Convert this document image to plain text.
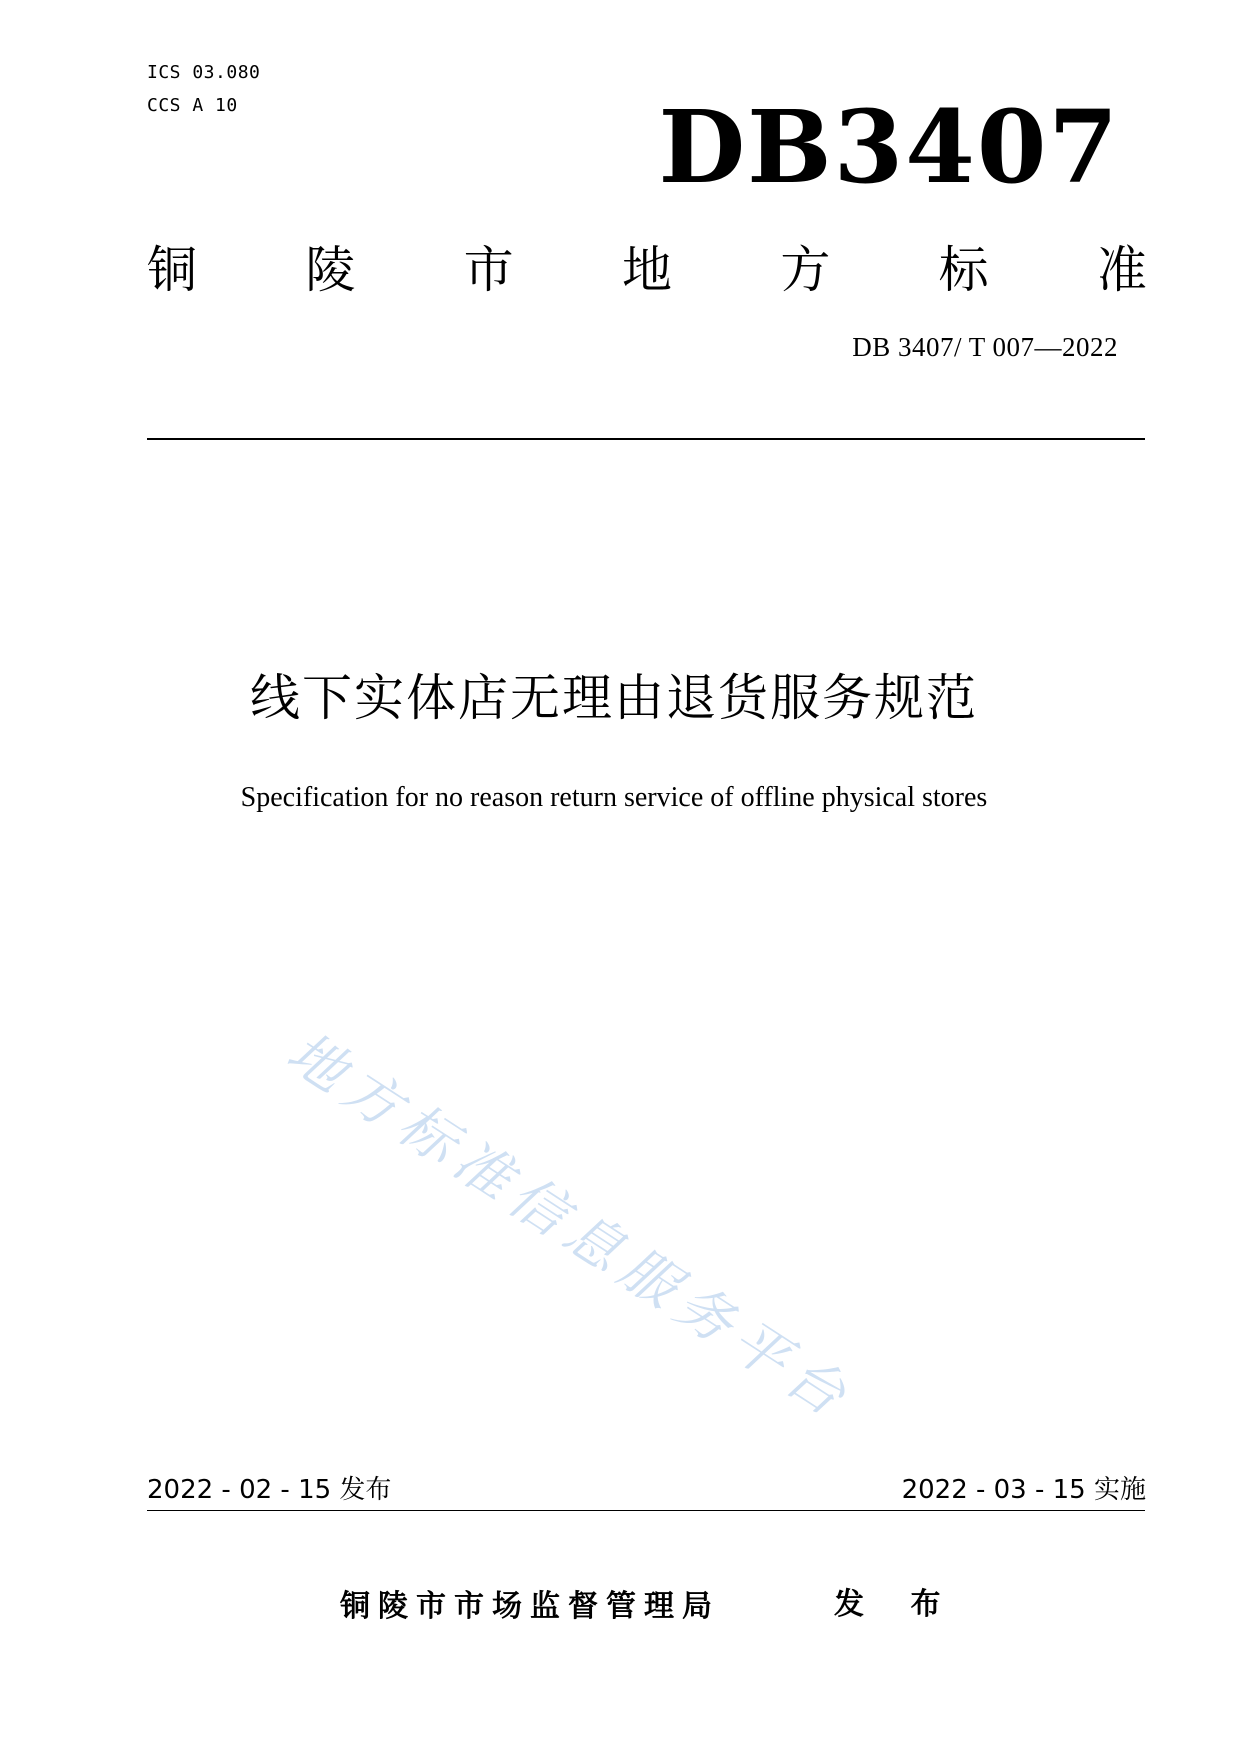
ICS 03.080
CCS A 10	DB3407
铜 陵 市 地 方 标 准
DB 3407/ T 007—2022
线下实体店无理由退货服务规范
Specification for no reason return service of offline physical stores
地方标准信息服务平台
2022 - 02 - 15 发布	2022 - 03 - 15 实施
铜陵市市场监督管理局	发 布
